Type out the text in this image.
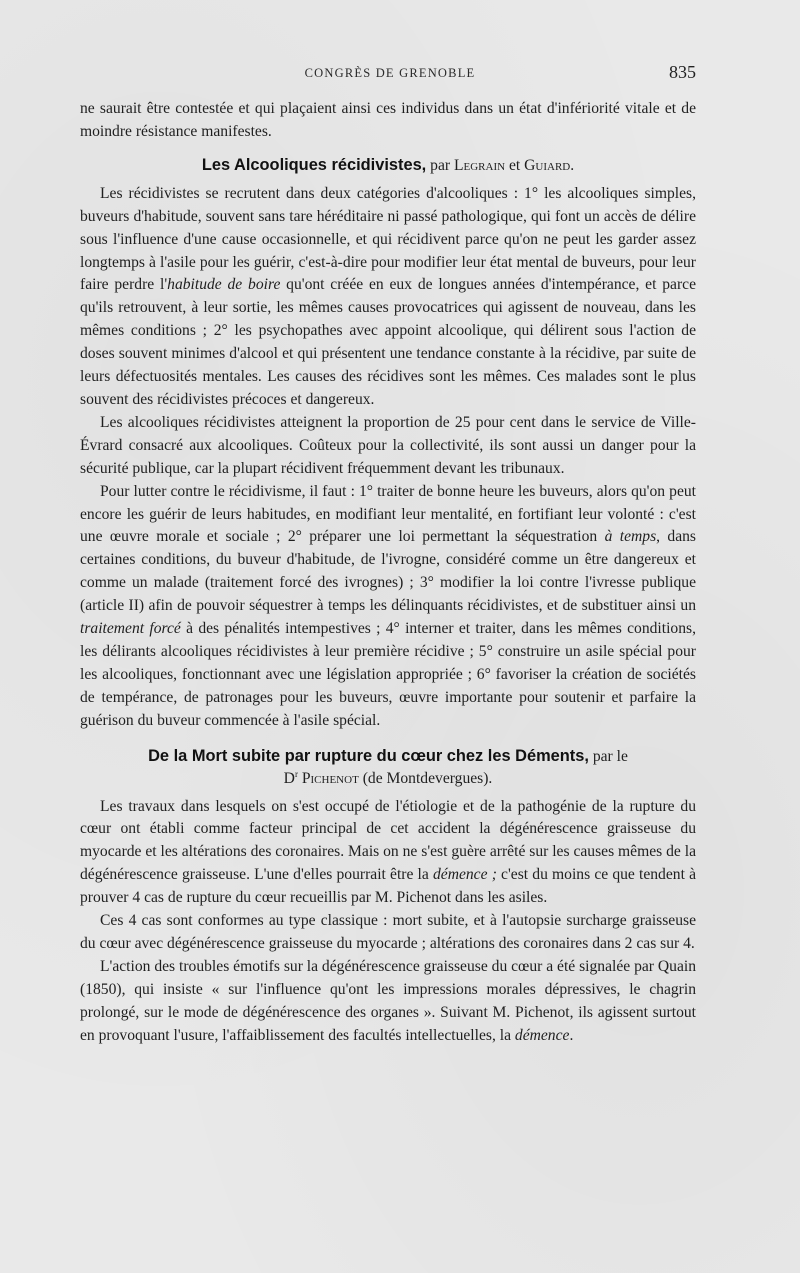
CONGRÈS DE GRENOBLE	835

ne saurait être contestée et qui plaçaient ainsi ces individus dans un état d'infériorité vitale et de moindre résistance manifestes.

Les Alcooliques récidivistes, par Legrain et Guiard.

Les récidivistes se recrutent dans deux catégories d'alcooliques : 1° les alcooliques simples, buveurs d'habitude, souvent sans tare héréditaire ni passé pathologique, qui font un accès de délire sous l'influence d'une cause occasionnelle, et qui récidivent parce qu'on ne peut les garder assez longtemps à l'asile pour les guérir, c'est-à-dire pour modifier leur état mental de buveurs, pour leur faire perdre l'habitude de boire qu'ont créée en eux de longues années d'intempérance, et parce qu'ils retrouvent, à leur sortie, les mêmes causes provocatrices qui agissent de nouveau, dans les mêmes conditions ; 2° les psychopathes avec appoint alcoolique, qui délirent sous l'action de doses souvent minimes d'alcool et qui présentent une tendance constante à la récidive, par suite de leurs défectuosités mentales. Les causes des récidives sont les mêmes. Ces malades sont le plus souvent des récidivistes précoces et dangereux.

Les alcooliques récidivistes atteignent la proportion de 25 pour cent dans le service de Ville-Évrard consacré aux alcooliques. Coûteux pour la collectivité, ils sont aussi un danger pour la sécurité publique, car la plupart récidivent fréquemment devant les tribunaux.

Pour lutter contre le récidivisme, il faut : 1° traiter de bonne heure les buveurs, alors qu'on peut encore les guérir de leurs habitudes, en modifiant leur mentalité, en fortifiant leur volonté : c'est une œuvre morale et sociale ; 2° préparer une loi permettant la séquestration à temps, dans certaines conditions, du buveur d'habitude, de l'ivrogne, considéré comme un être dangereux et comme un malade (traitement forcé des ivrognes) ; 3° modifier la loi contre l'ivresse publique (article II) afin de pouvoir séquestrer à temps les délinquants récidivistes, et de substituer ainsi un traitement forcé à des pénalités intempestives ; 4° interner et traiter, dans les mêmes conditions, les délirants alcooliques récidivistes à leur première récidive ; 5° construire un asile spécial pour les alcooliques, fonctionnant avec une législation appropriée ; 6° favoriser la création de sociétés de tempérance, de patronages pour les buveurs, œuvre importante pour soutenir et parfaire la guérison du buveur commencée à l'asile spécial.

De la Mort subite par rupture du cœur chez les Déments, par le
$D^r$ Pichenot (de Montdevergues).

Les travaux dans lesquels on s'est occupé de l'étiologie et de la pathogénie de la rupture du cœur ont établi comme facteur principal de cet accident la dégénérescence graisseuse du myocarde et les altérations des coronaires. Mais on ne s'est guère arrêté sur les causes mêmes de la dégénérescence graisseuse. L'une d'elles pourrait être la démence ; c'est du moins ce que tendent à prouver 4 cas de rupture du cœur recueillis par M. Pichenot dans les asiles.

Ces 4 cas sont conformes au type classique : mort subite, et à l'autopsie surcharge graisseuse du cœur avec dégénérescence graisseuse du myocarde ; altérations des coronaires dans 2 cas sur 4.

L'action des troubles émotifs sur la dégénérescence graisseuse du cœur a été signalée par Quain (1850), qui insiste « sur l'influence qu'ont les impressions morales dépressives, le chagrin prolongé, sur le mode de dégénérescence des organes ». Suivant M. Pichenot, ils agissent surtout en provoquant l'usure, l'affaiblissement des facultés intellectuelles, la démence.
